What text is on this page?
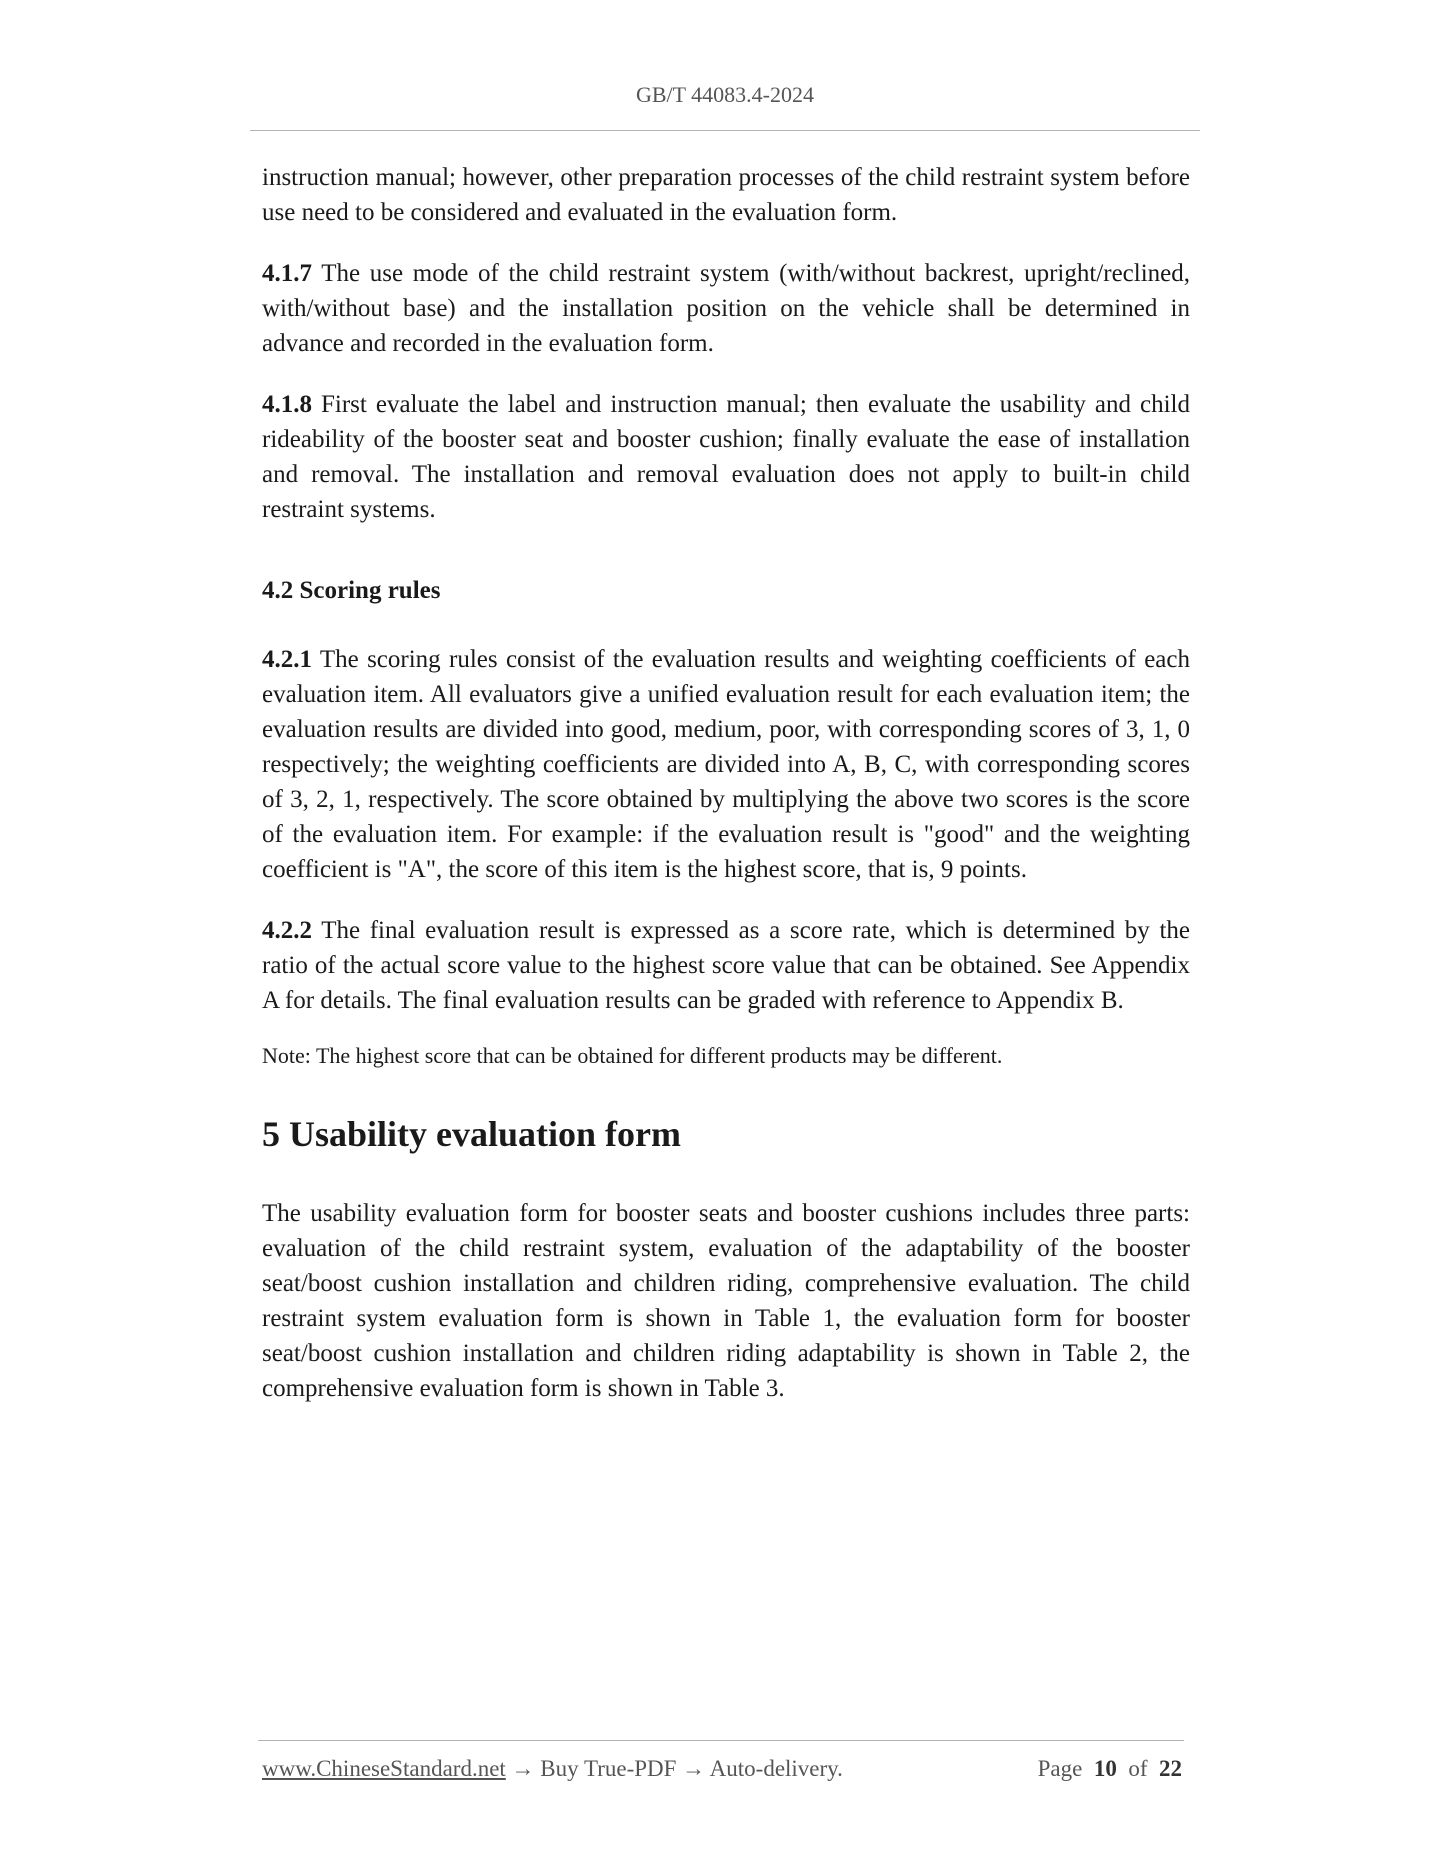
GB/T 44083.4-2024

instruction manual; however, other preparation processes of the child restraint system before use need to be considered and evaluated in the evaluation form.

4.1.7 The use mode of the child restraint system (with/without backrest, upright/reclined, with/without base) and the installation position on the vehicle shall be determined in advance and recorded in the evaluation form.

4.1.8 First evaluate the label and instruction manual; then evaluate the usability and child rideability of the booster seat and booster cushion; finally evaluate the ease of installation and removal. The installation and removal evaluation does not apply to built-in child restraint systems.

4.2 Scoring rules

4.2.1 The scoring rules consist of the evaluation results and weighting coefficients of each evaluation item. All evaluators give a unified evaluation result for each evaluation item; the evaluation results are divided into good, medium, poor, with corresponding scores of 3, 1, 0 respectively; the weighting coefficients are divided into A, B, C, with corresponding scores of 3, 2, 1, respectively. The score obtained by multiplying the above two scores is the score of the evaluation item. For example: if the evaluation result is "good" and the weighting coefficient is "A", the score of this item is the highest score, that is, 9 points.

4.2.2 The final evaluation result is expressed as a score rate, which is determined by the ratio of the actual score value to the highest score value that can be obtained. See Appendix A for details. The final evaluation results can be graded with reference to Appendix B.

Note: The highest score that can be obtained for different products may be different.

5 Usability evaluation form

The usability evaluation form for booster seats and booster cushions includes three parts: evaluation of the child restraint system, evaluation of the adaptability of the booster seat/boost cushion installation and children riding, comprehensive evaluation. The child restraint system evaluation form is shown in Table 1, the evaluation form for booster seat/boost cushion installation and children riding adaptability is shown in Table 2, the comprehensive evaluation form is shown in Table 3.

www.ChineseStandard.net → Buy True-PDF → Auto-delivery.	Page 10 of 22
